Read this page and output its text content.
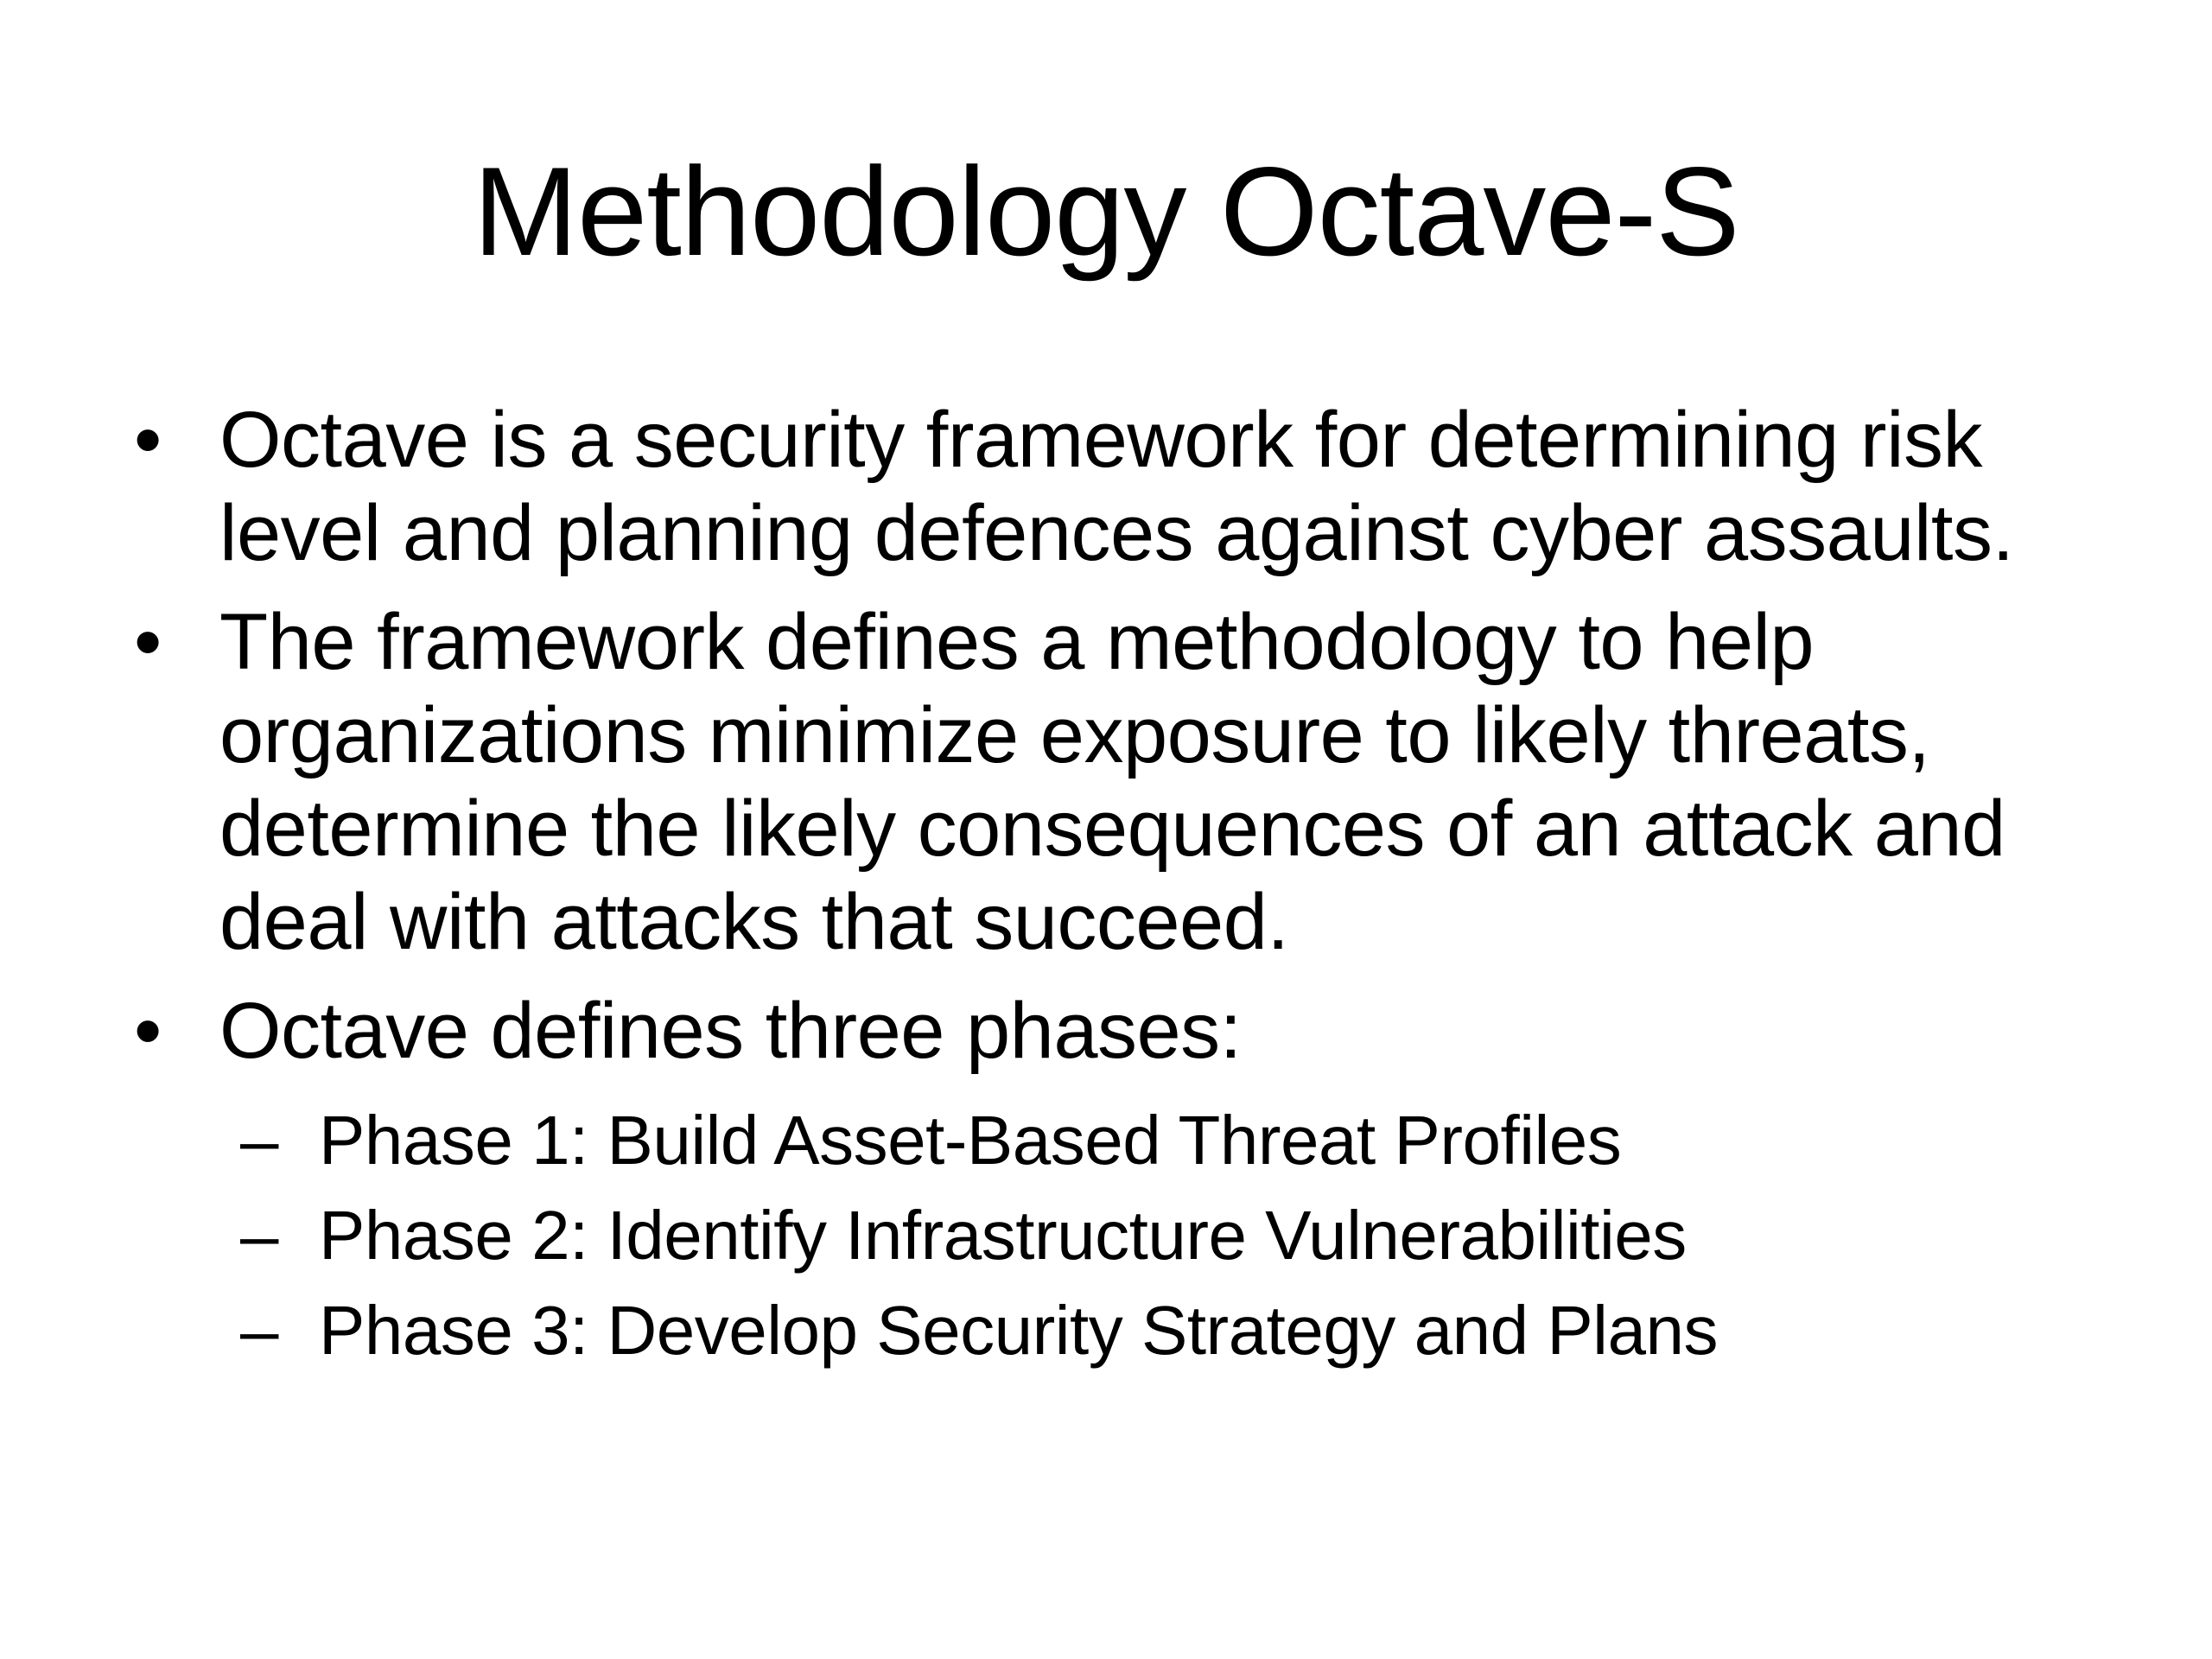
Methodology Octave-S
• Octave is a security framework for determining risk level and planning defences against cyber assaults.
• The framework defines a methodology to help organizations minimize exposure to likely threats, determine the likely consequences of an attack and deal with attacks that succeed.
• Octave defines three phases:
– Phase 1: Build Asset-Based Threat Profiles
– Phase 2: Identify Infrastructure Vulnerabilities
– Phase 3: Develop Security Strategy and Plans
